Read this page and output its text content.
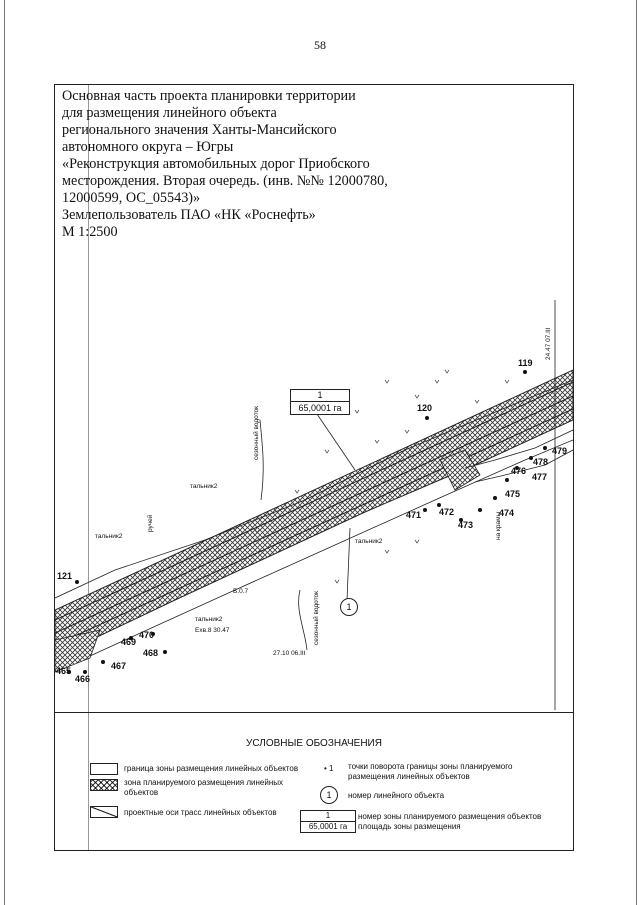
58
Основная часть проекта планировки территории
для размещения линейного объекта
регионального значения Ханты-Мансийского
автономного округа – Югры
«Реконструкция автомобильных дорог Приобского
месторождения. Вторая очередь. (инв. №№ 12000780,
12000599, ОС_05543)»
Землепользователь ПАО «НК «Роснефть»
М 1:2500
1
65,0001 га
1
119
120
121
465
466
467
468
469
470
471 472
473
474
475
476
477
478
479
тальник2
тальник2
тальник2
тальник2
27.10 06.III
Б.0.7
Ехв.8 30.47
сезонный водоток
сезонный водоток
на крамы
24.47 07.III
ручей
УСЛОВНЫЕ ОБОЗНАЧЕНИЯ
граница зоны размещения линейных объектов
зона планируемого размещения линейных
объектов
проектные оси трасс линейных объектов
• 1 точки поворота границы зоны планируемого
размещения линейных объектов
1	номер линейного объекта
1
65,0001 га
номер зоны планируемого размещения объектов
площадь зоны размещения
